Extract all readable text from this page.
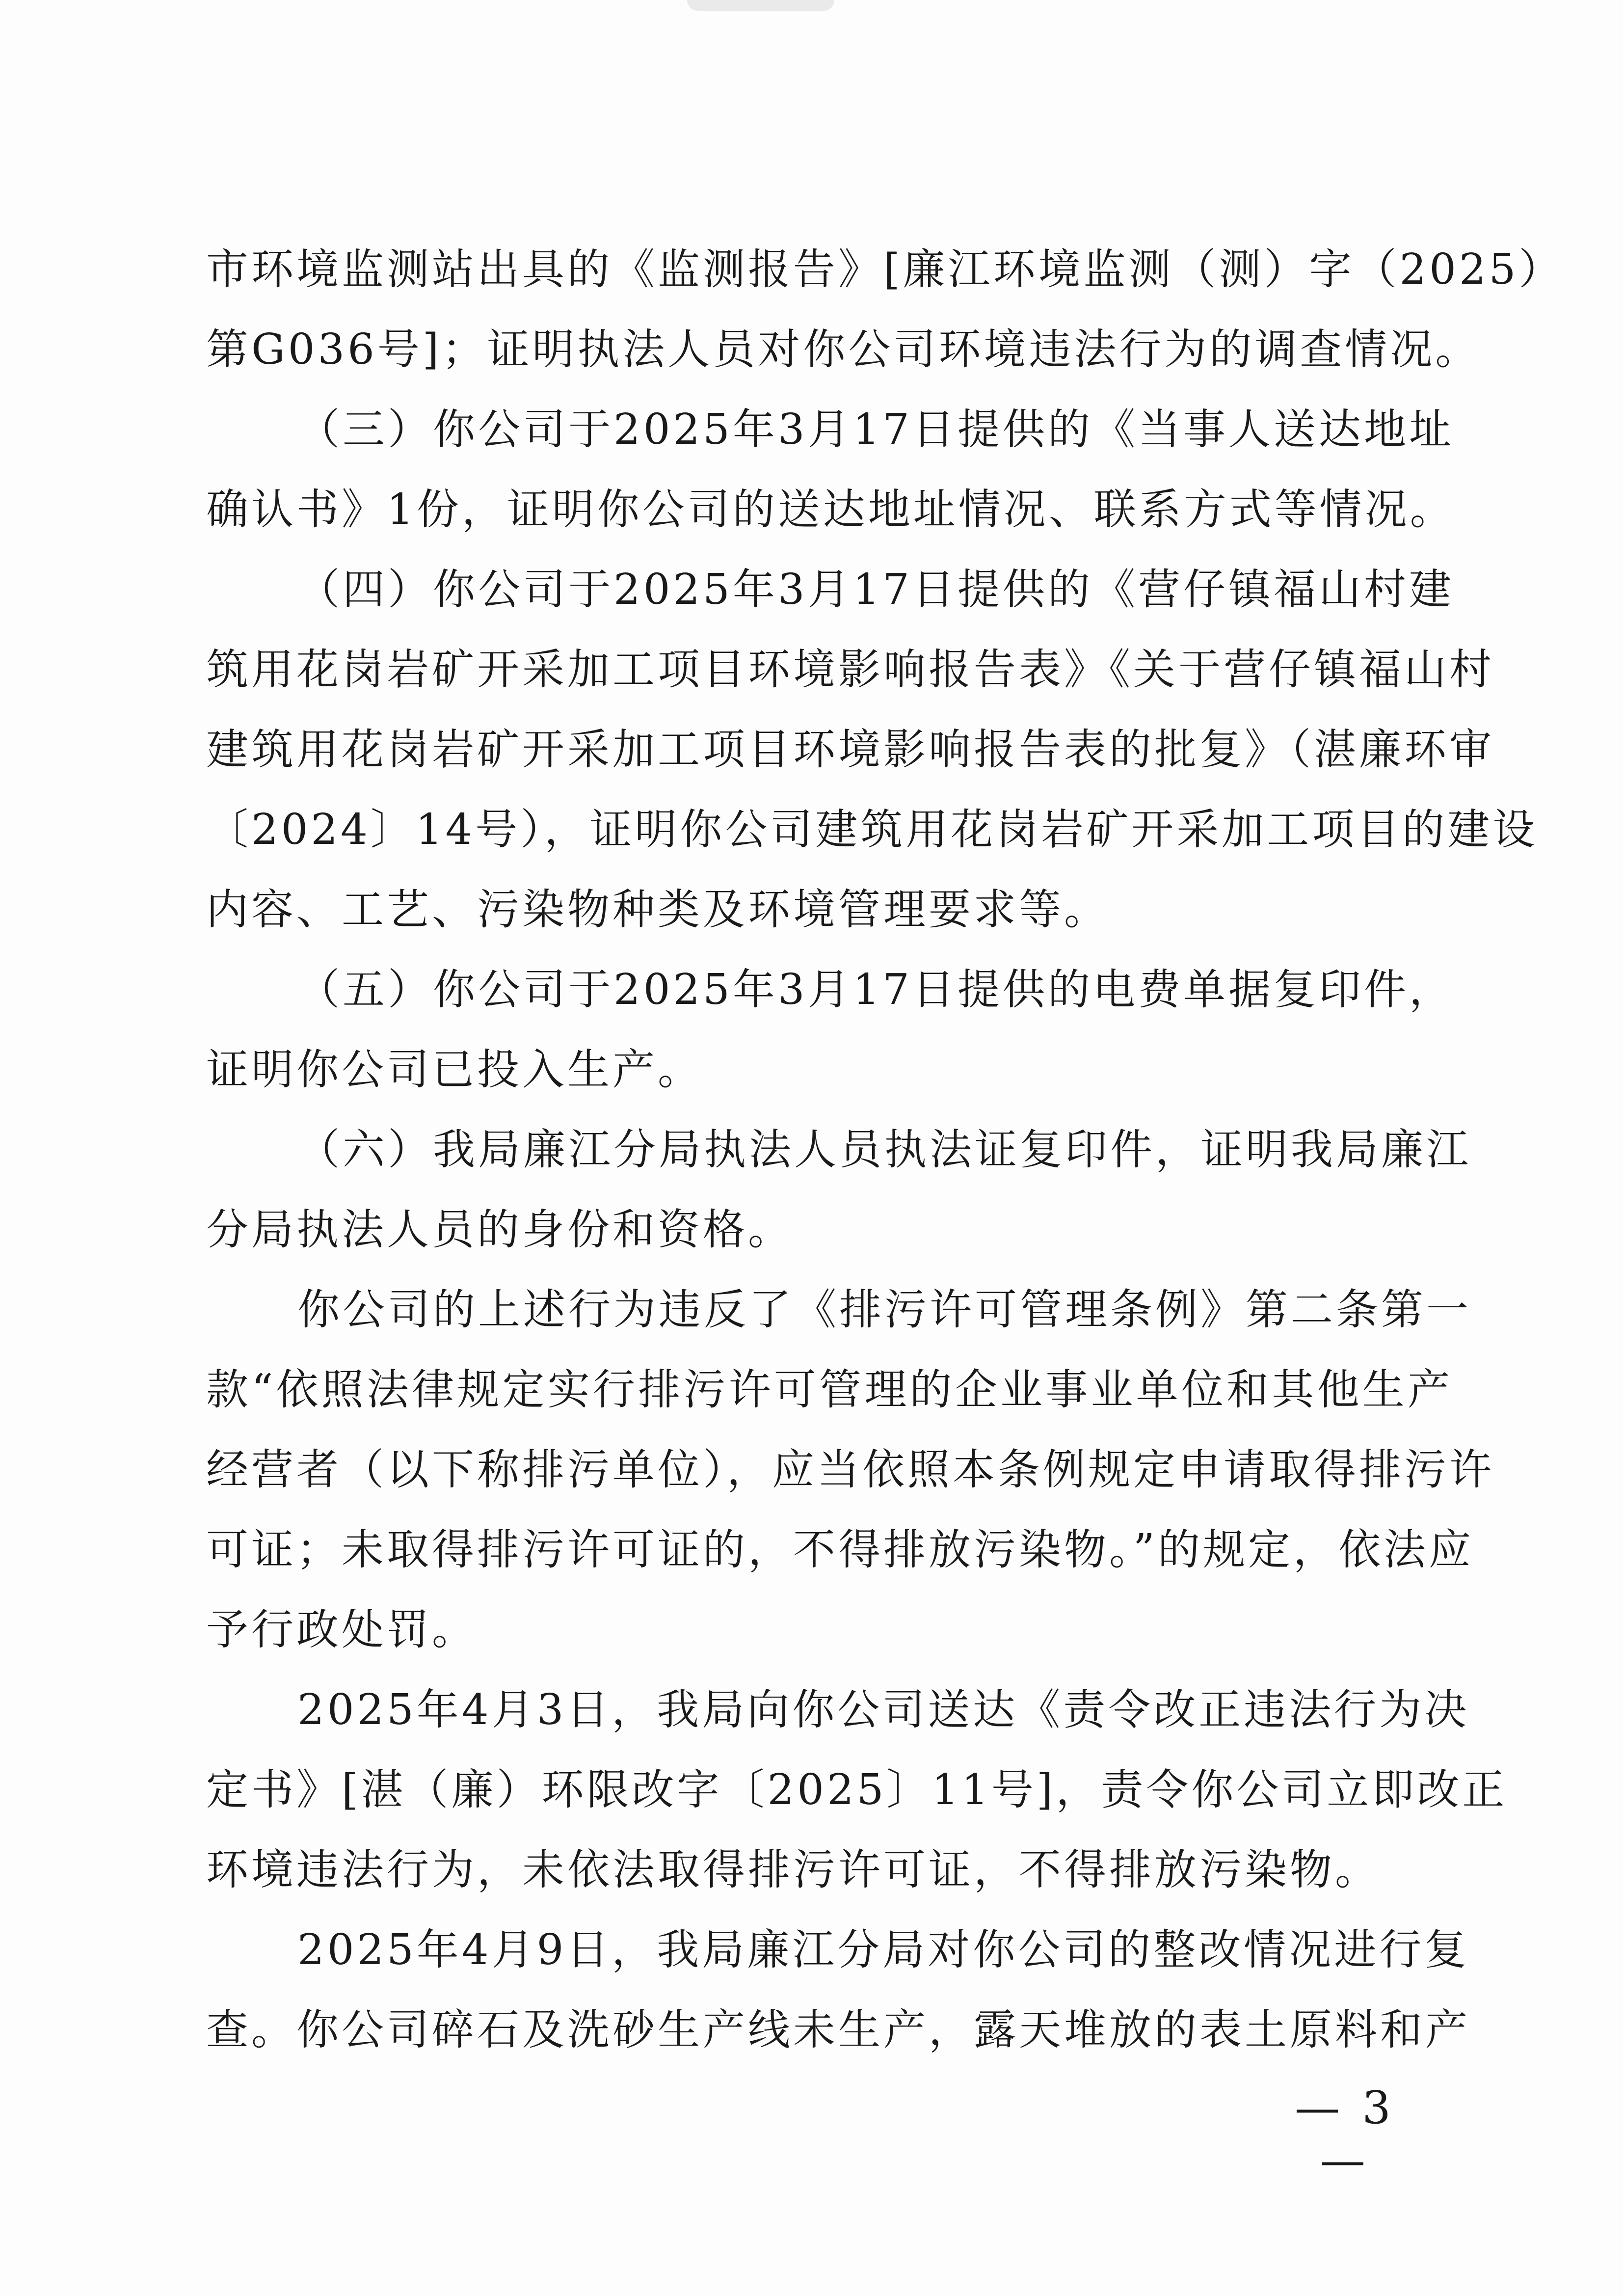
市环境监测站出具的《监测报告》[廉江环境监测（测）字（2025）
第G036号]；证明执法人员对你公司环境违法行为的调查情况。
（三）你公司于2025年3月17日提供的《当事人送达地址
确认书》1份，证明你公司的送达地址情况、联系方式等情况。
（四）你公司于2025年3月17日提供的《营仔镇福山村建
筑用花岗岩矿开采加工项目环境影响报告表》《关于营仔镇福山村
建筑用花岗岩矿开采加工项目环境影响报告表的批复》（湛廉环审
〔2024〕14号），证明你公司建筑用花岗岩矿开采加工项目的建设
内容、工艺、污染物种类及环境管理要求等。
（五）你公司于2025年3月17日提供的电费单据复印件，
证明你公司已投入生产。
（六）我局廉江分局执法人员执法证复印件，证明我局廉江
分局执法人员的身份和资格。
你公司的上述行为违反了《排污许可管理条例》第二条第一
款“依照法律规定实行排污许可管理的企业事业单位和其他生产
经营者（以下称排污单位），应当依照本条例规定申请取得排污许
可证；未取得排污许可证的，不得排放污染物。”的规定，依法应
予行政处罚。
2025年4月3日，我局向你公司送达《责令改正违法行为决
定书》[湛（廉）环限改字〔2025〕11号]，责令你公司立即改正
环境违法行为，未依法取得排污许可证，不得排放污染物。
2025年4月9日，我局廉江分局对你公司的整改情况进行复
查。你公司碎石及洗砂生产线未生产，露天堆放的表土原料和产
— 3 —
